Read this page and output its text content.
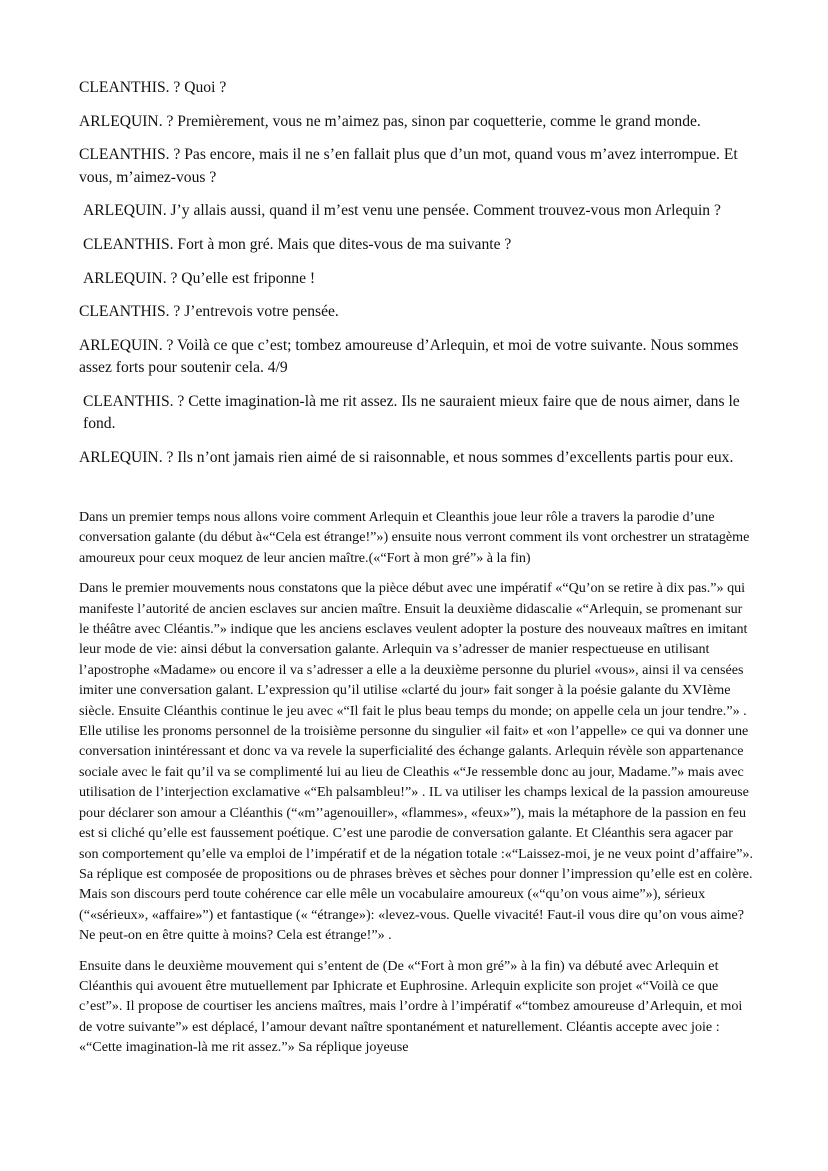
CLEANTHIS. ? Quoi ?

ARLEQUIN. ? Premièrement, vous ne m’aimez pas, sinon par coquetterie, comme le grand monde.

CLEANTHIS. ? Pas encore, mais il ne s’en fallait plus que d’un mot, quand vous m’avez interrompue. Et vous, m’aimez-vous ?

ARLEQUIN. J’y allais aussi, quand il m’est venu une pensée. Comment trouvez-vous mon Arlequin ?

CLEANTHIS. Fort à mon gré. Mais que dites-vous de ma suivante ?

ARLEQUIN. ? Qu’elle est friponne !

CLEANTHIS. ? J’entrevois votre pensée.

ARLEQUIN. ? Voilà ce que c’est; tombez amoureuse d’Arlequin, et moi de votre suivante. Nous sommes assez forts pour soutenir cela. 4/9

CLEANTHIS. ? Cette imagination-là me rit assez. Ils ne sauraient mieux faire que de nous aimer, dans le fond.

ARLEQUIN. ? Ils n’ont jamais rien aimé de si raisonnable, et nous sommes d’excellents partis pour eux.

Dans un premier temps nous allons voire comment Arlequin et Cleanthis joue leur rôle a travers la parodie d’une conversation galante (du début à«“Cela est étrange!”») ensuite nous verront comment ils vont orchestrer un stratagème amoureux pour ceux moquez de leur ancien maître.(«“Fort à mon gré”» à la fin)

Dans le premier mouvements nous constatons que la pièce début avec une impératif «“Qu’on se retire à dix pas.”» qui manifeste l’autorité de ancien esclaves sur ancien maître. Ensuit la deuxième didascalie «“Arlequin, se promenant sur le théâtre avec Cléantis.”» indique que les anciens esclaves veulent adopter la posture des nouveaux maîtres en imitant leur mode de vie: ainsi début la conversation galante. Arlequin va s’adresser de manier respectueuse en utilisant l’apostrophe «Madame» ou encore il va s’adresser a elle a la deuxième personne du pluriel «vous», ainsi il va censées imiter une conversation galant. L’expression qu’il utilise «clarté du jour» fait songer à la poésie galante du XVIème siècle. Ensuite Cléanthis continue le jeu avec «“Il fait le plus beau temps du monde; on appelle cela un jour tendre.”» . Elle utilise les pronoms personnel de la troisième personne du singulier «il fait» et «on l’appelle» ce qui va donner une conversation inintéressant et donc va va revele la superficialité des échange galants. Arlequin révèle son appartenance sociale avec le fait qu’il va se complimenté lui au lieu de Cleathis «“Je ressemble donc au jour, Madame.”» mais avec utilisation de l’interjection exclamative «“Eh palsambleu!”» . IL va utiliser les champs lexical de la passion amoureuse pour déclarer son amour a Cléanthis (“«m’’agenouiller», «flammes», «feux»”), mais la métaphore de la passion en feu est si cliché qu’elle est faussement poétique. C’est une parodie de conversation galante. Et Cléanthis sera agacer par son comportement qu’elle va emploi de l’impératif et de la négation totale :«“Laissez-moi, je ne veux point d’affaire”». Sa réplique est composée de propositions ou de phrases brèves et sèches pour donner l’impression qu’elle est en colère. Mais son discours perd toute cohérence car elle mêle un vocabulaire amoureux («“qu’on vous aime”»), sérieux (“«sérieux», «affaire»”) et fantastique (« “étrange»): «levez-vous. Quelle vivacité! Faut-il vous dire qu’on vous aime? Ne peut-on en être quitte à moins? Cela est étrange!”» .

Ensuite dans le deuxième mouvement qui s’entent de (De «“Fort à mon gré”» à la fin) va débuté avec Arlequin et Cléanthis qui avouent être mutuellement par Iphicrate et Euphrosine. Arlequin explicite son projet «“Voilà ce que c’est”». Il propose de courtiser les anciens maîtres, mais l’ordre à l’impératif «“tombez amoureuse d’Arlequin, et moi de votre suivante”» est déplacé, l’amour devant naître spontanément et naturellement. Cléantis accepte avec joie : «“Cette imagination-là me rit assez.”» Sa réplique joyeuse
